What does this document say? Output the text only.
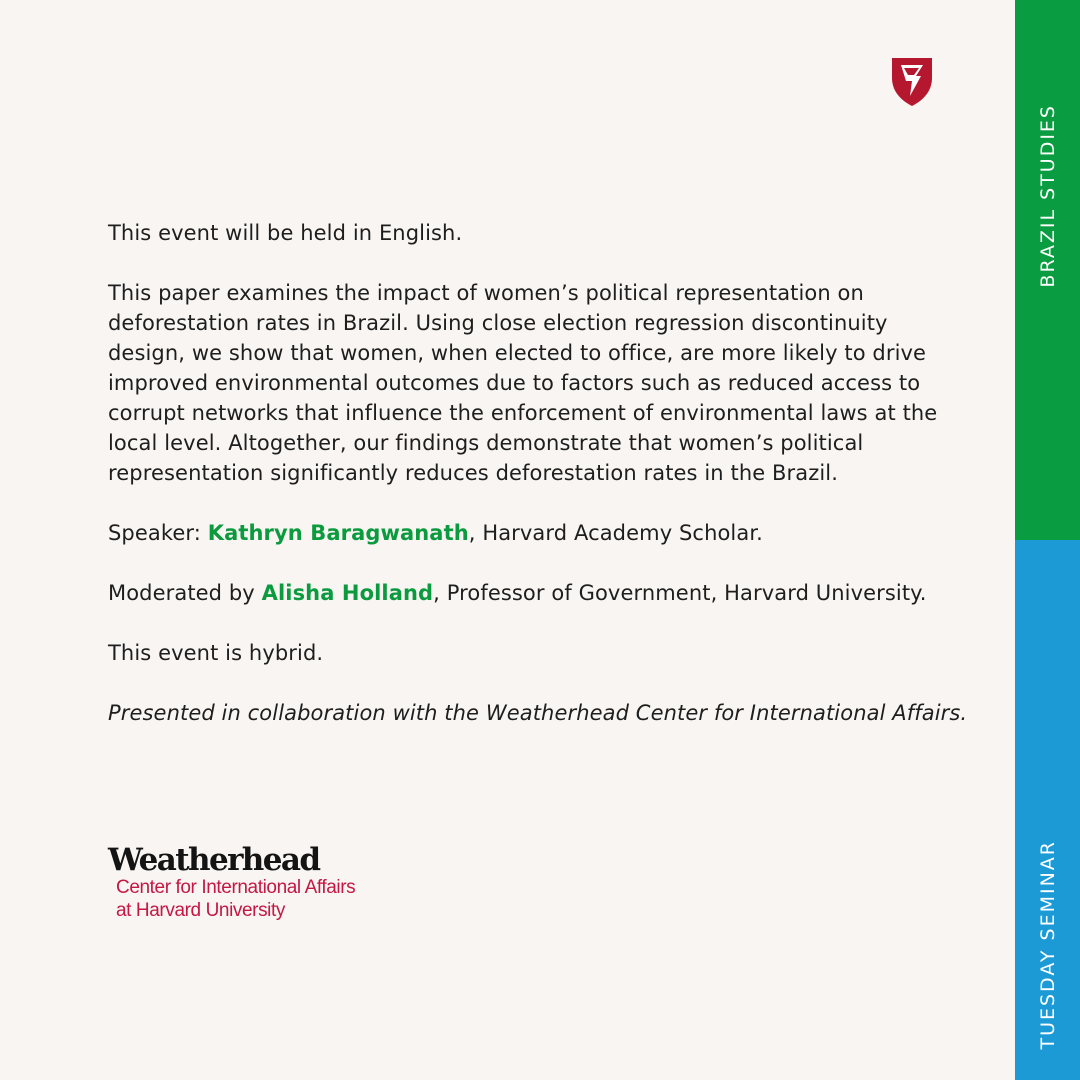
This event will be held in English.

This paper examines the impact of women’s political representation on deforestation rates in Brazil. Using close election regression discontinuity design, we show that women, when elected to office, are more likely to drive improved environmental outcomes due to factors such as reduced access to corrupt networks that influence the enforcement of environmental laws at the local level. Altogether, our findings demonstrate that women’s political representation significantly reduces deforestation rates in the Brazil.

Speaker: Kathryn Baragwanath, Harvard Academy Scholar.

Moderated by Alisha Holland, Professor of Government, Harvard University.

This event is hybrid.

Presented in collaboration with the Weatherhead Center for International Affairs.

Weatherhead
Center for International Affairs
at Harvard University
BRAZIL STUDIES
TUESDAY SEMINAR
